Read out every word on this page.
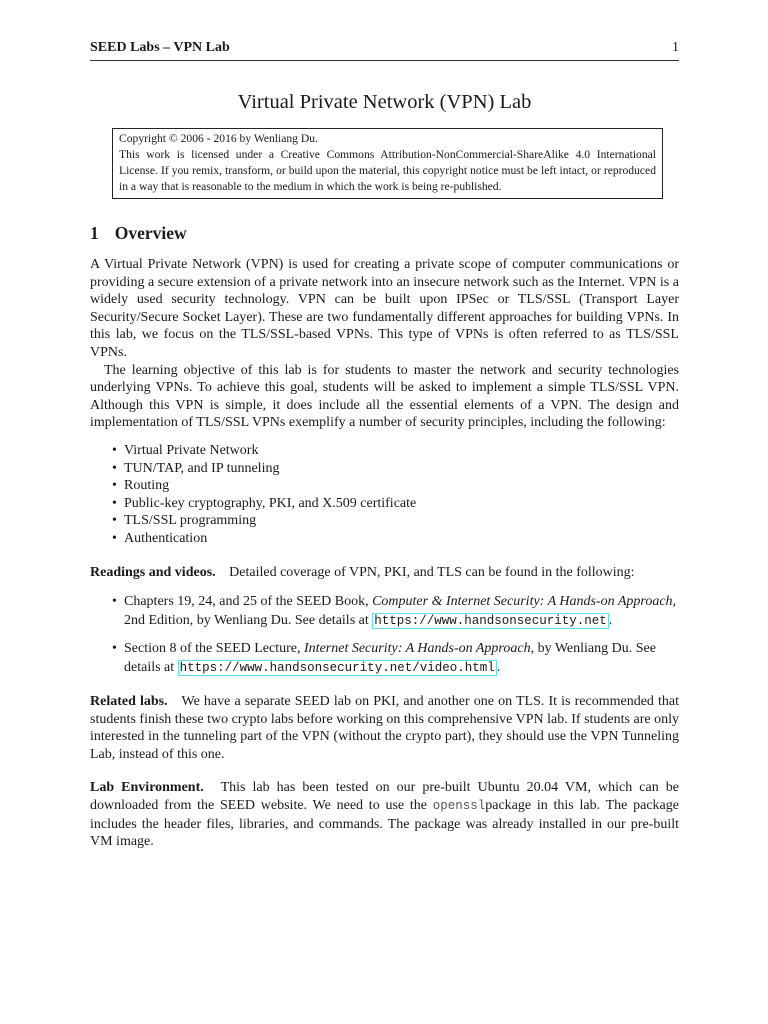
SEED Labs – VPN Lab	1
Virtual Private Network (VPN) Lab
Copyright © 2006 - 2016 by Wenliang Du.
This work is licensed under a Creative Commons Attribution-NonCommercial-ShareAlike 4.0 International License. If you remix, transform, or build upon the material, this copyright notice must be left intact, or reproduced in a way that is reasonable to the medium in which the work is being re-published.
1 Overview

A Virtual Private Network (VPN) is used for creating a private scope of computer communications or providing a secure extension of a private network into an insecure network such as the Internet. VPN is a widely used security technology. VPN can be built upon IPSec or TLS/SSL (Transport Layer Security/Secure Socket Layer). These are two fundamentally different approaches for building VPNs. In this lab, we focus on the TLS/SSL-based VPNs. This type of VPNs is often referred to as TLS/SSL VPNs.

The learning objective of this lab is for students to master the network and security technologies underlying VPNs. To achieve this goal, students will be asked to implement a simple TLS/SSL VPN. Although this VPN is simple, it does include all the essential elements of a VPN. The design and implementation of TLS/SSL VPNs exemplify a number of security principles, including the following:

• Virtual Private Network
• TUN/TAP, and IP tunneling
• Routing
• Public-key cryptography, PKI, and X.509 certificate
• TLS/SSL programming
• Authentication

Readings and videos. Detailed coverage of VPN, PKI, and TLS can be found in the following:

• Chapters 19, 24, and 25 of the SEED Book, Computer & Internet Security: A Hands-on Approach, 2nd Edition, by Wenliang Du. See details at https://www.handsonsecurity.net .
• Section 8 of the SEED Lecture, Internet Security: A Hands-on Approach, by Wenliang Du. See details at https://www.handsonsecurity.net/video.html .

Related labs. We have a separate SEED lab on PKI, and another one on TLS. It is recommended that students finish these two crypto labs before working on this comprehensive VPN lab. If students are only interested in the tunneling part of the VPN (without the crypto part), they should use the VPN Tunneling Lab, instead of this one.

Lab Environment. This lab has been tested on our pre-built Ubuntu 20.04 VM, which can be downloaded from the SEED website. We need to use the opensslpackage in this lab. The package includes the header files, libraries, and commands. The package was already installed in our pre-built VM image.
